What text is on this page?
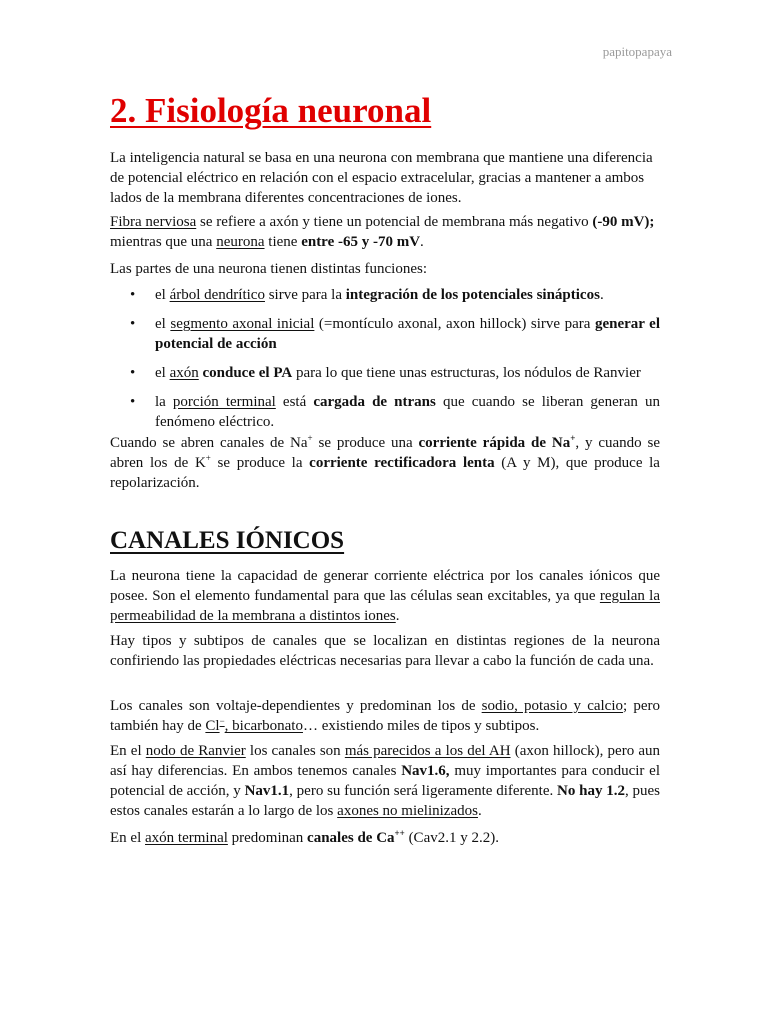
papitopapaya
2. Fisiología neuronal

La inteligencia natural se basa en una neurona con membrana que mantiene una diferencia de potencial eléctrico en relación con el espacio extracelular, gracias a mantener a ambos lados de la membrana diferentes concentraciones de iones.

Fibra nerviosa se refiere a axón y tiene un potencial de membrana más negativo (-90 mV); mientras que una neurona tiene entre -65 y -70 mV.

Las partes de una neurona tienen distintas funciones:

• el árbol dendrítico sirve para la integración de los potenciales sinápticos.
• el segmento axonal inicial (=montículo axonal, axon hillock) sirve para generar el potencial de acción
• el axón conduce el PA para lo que tiene unas estructuras, los nódulos de Ranvier
• la porción terminal está cargada de ntrans que cuando se liberan generan un fenómeno eléctrico.

Cuando se abren canales de Na+ se produce una corriente rápida de Na+, y cuando se abren los de K+ se produce la corriente rectificadora lenta (A y M), que produce la repolarización.

CANALES IÓNICOS

La neurona tiene la capacidad de generar corriente eléctrica por los canales iónicos que posee. Son el elemento fundamental para que las células sean excitables, ya que regulan la permeabilidad de la membrana a distintos iones.

Hay tipos y subtipos de canales que se localizan en distintas regiones de la neurona confiriendo las propiedades eléctricas necesarias para llevar a cabo la función de cada una.

Los canales son voltaje-dependientes y predominan los de sodio, potasio y calcio; pero también hay de Cl−, bicarbonato… existiendo miles de tipos y subtipos.

En el nodo de Ranvier los canales son más parecidos a los del AH (axon hillock), pero aun así hay diferencias. En ambos tenemos canales Nav1.6, muy importantes para conducir el potencial de acción, y Nav1.1, pero su función será ligeramente diferente. No hay 1.2, pues estos canales estarán a lo largo de los axones no mielinizados.

En el axón terminal predominan canales de Ca++ (Cav2.1 y 2.2).
